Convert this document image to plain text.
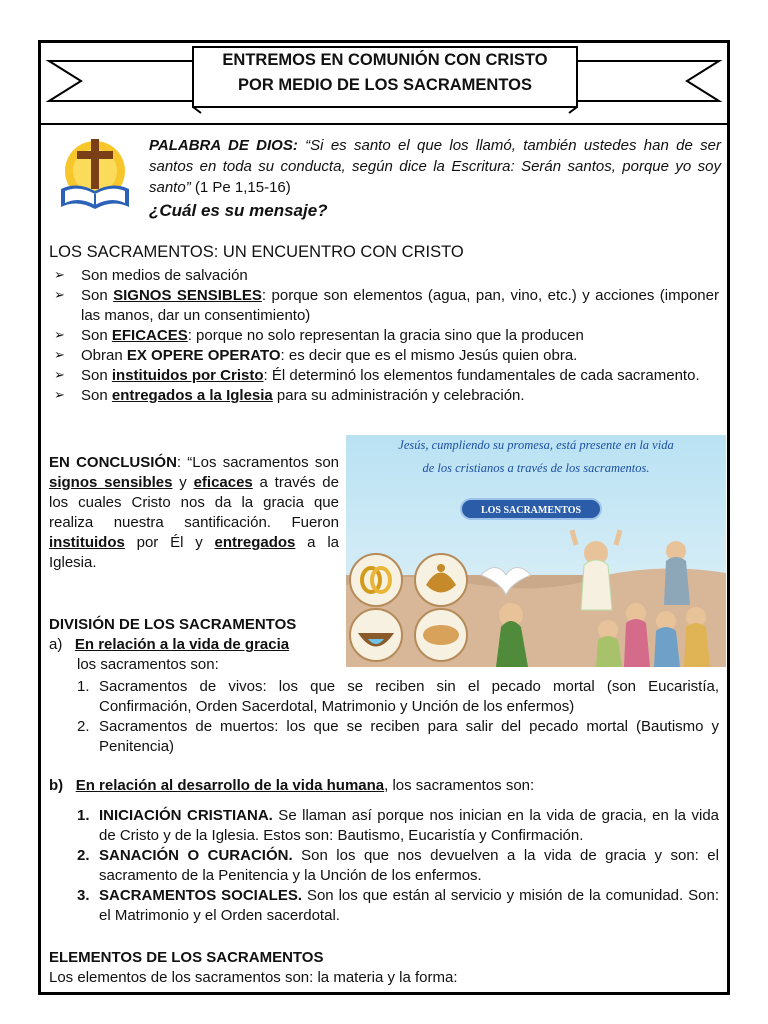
ENTREMOS EN COMUNIÓN CON CRISTO
POR MEDIO DE LOS SACRAMENTOS
PALABRA DE DIOS: “Si es santo el que los llamó, también ustedes han de ser santos en toda su conducta, según dice la Escritura: Serán santos, porque yo soy santo” (1 Pe 1,15-16)
¿Cuál es su mensaje?
LOS SACRAMENTOS: UN ENCUENTRO CON CRISTO
➢ Son medios de salvación
➢ Son SIGNOS SENSIBLES: porque son elementos (agua, pan, vino, etc.) y acciones (imponer las manos, dar un consentimiento)
➢ Son EFICACES: porque no solo representan la gracia sino que la producen
➢ Obran EX OPERE OPERATO: es decir que es el mismo Jesús quien obra.
➢ Son instituidos por Cristo: Él determinó los elementos fundamentales de cada sacramento.
➢ Son entregados a la Iglesia para su administración y celebración.
EN CONCLUSIÓN: “Los sacramentos son signos sensibles y eficaces a través de los cuales Cristo nos da la gracia que realiza nuestra santificación. Fueron instituidos por Él y entregados a la Iglesia.
Jesús, cumpliendo su promesa, está presente en la vida
de los cristianos a través de los sacramentos.
LOS SACRAMENTOS
DIVISIÓN DE LOS SACRAMENTOS
a) En relación a la vida de gracia
los sacramentos son:
1. Sacramentos de vivos: los que se reciben sin el pecado mortal (son Eucaristía, Confirmación, Orden Sacerdotal, Matrimonio y Unción de los enfermos)
2. Sacramentos de muertos: los que se reciben para salir del pecado mortal (Bautismo y Penitencia)
b) En relación al desarrollo de la vida humana, los sacramentos son:
1. INICIACIÓN CRISTIANA. Se llaman así porque nos inician en la vida de gracia, en la vida de Cristo y de la Iglesia. Estos son: Bautismo, Eucaristía y Confirmación.
2. SANACIÓN O CURACIÓN. Son los que nos devuelven a la vida de gracia y son: el sacramento de la Penitencia y la Unción de los enfermos.
3. SACRAMENTOS SOCIALES. Son los que están al servicio y misión de la comunidad. Son: el Matrimonio y el Orden sacerdotal.
ELEMENTOS DE LOS SACRAMENTOS
Los elementos de los sacramentos son: la materia y la forma:
